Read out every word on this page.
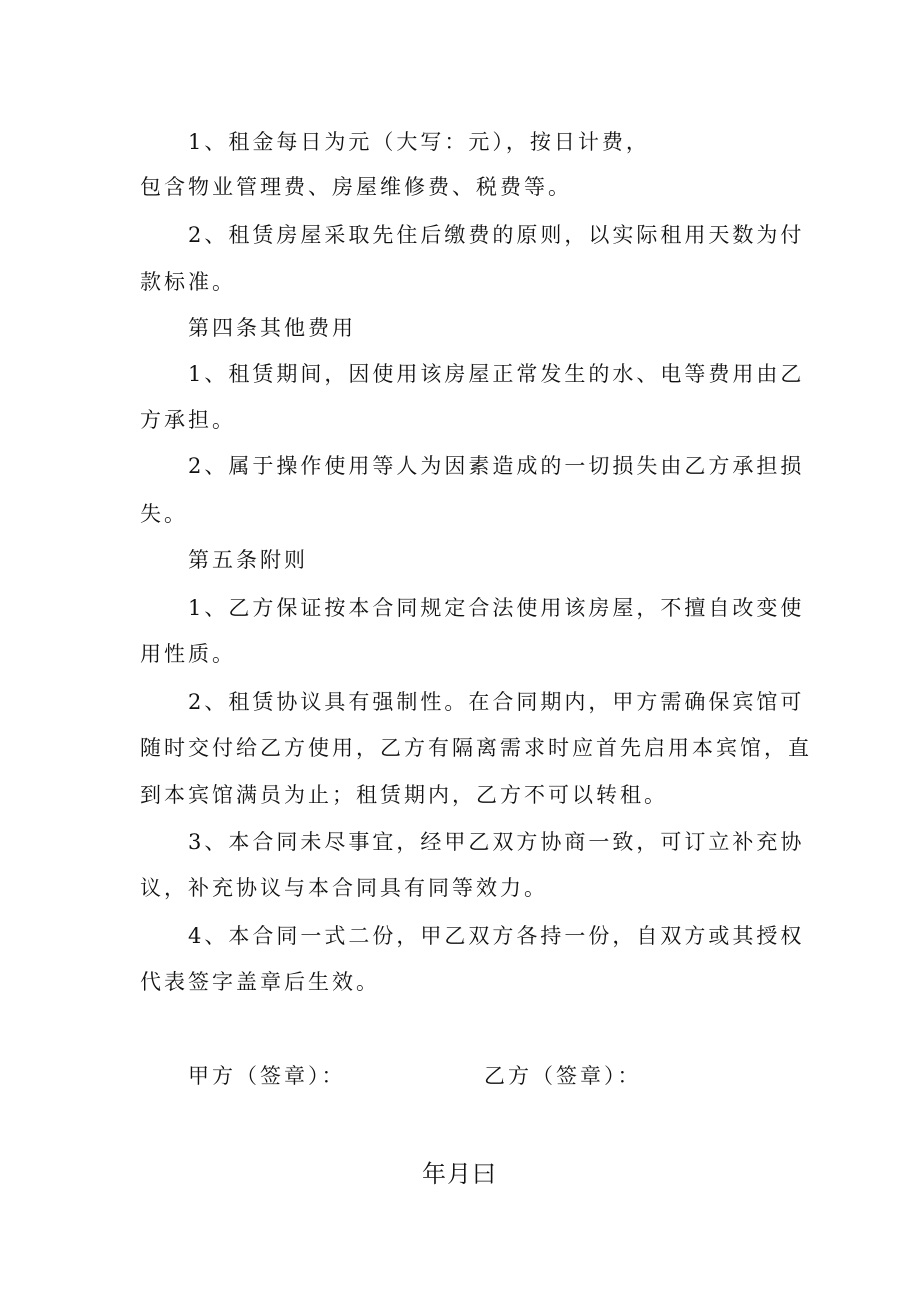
1、租金每日为元（大写：元），按日计费，

包含物业管理费、房屋维修费、税费等。

2、租赁房屋采取先住后缴费的原则，以实际租用天数为付

款标准。

第四条其他费用

1、租赁期间，因使用该房屋正常发生的水、电等费用由乙

方承担。

2、属于操作使用等人为因素造成的一切损失由乙方承担损

失。

第五条附则

1、乙方保证按本合同规定合法使用该房屋，不擅自改变使

用性质。

2、租赁协议具有强制性。在合同期内，甲方需确保宾馆可

随时交付给乙方使用，乙方有隔离需求时应首先启用本宾馆，直

到本宾馆满员为止；租赁期内，乙方不可以转租。

3、本合同未尽事宜，经甲乙双方协商一致，可订立补充协

议，补充协议与本合同具有同等效力。

4、本合同一式二份，甲乙双方各持一份，自双方或其授权

代表签字盖章后生效。

甲方（签章）：	乙方（签章）：
年月曰
